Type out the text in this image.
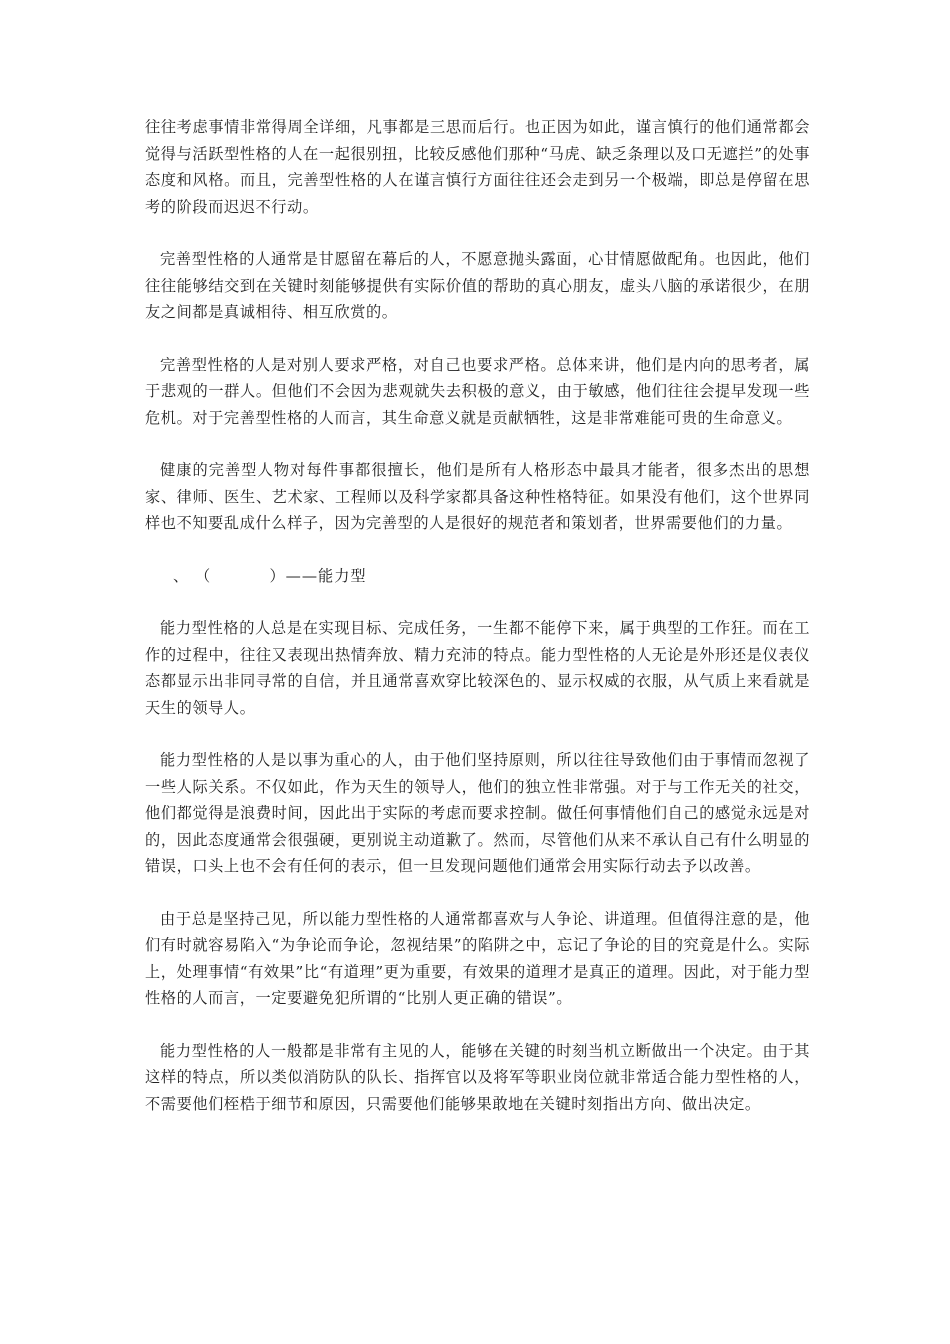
往往考虑事情非常得周全详细，凡事都是三思而后行。也正因为如此，谨言慎行的他们通常都会觉得与活跃型性格的人在一起很别扭，比较反感他们那种“马虎、缺乏条理以及口无遮拦”的处事态度和风格。而且，完善型性格的人在谨言慎行方面往往还会走到另一个极端，即总是停留在思考的阶段而迟迟不行动。

完善型性格的人通常是甘愿留在幕后的人，不愿意抛头露面，心甘情愿做配角。也因此，他们往往能够结交到在关键时刻能够提供有实际价值的帮助的真心朋友，虚头八脑的承诺很少，在朋友之间都是真诚相待、相互欣赏的。

完善型性格的人是对别人要求严格，对自己也要求严格。总体来讲，他们是内向的思考者，属于悲观的一群人。但他们不会因为悲观就失去积极的意义，由于敏感，他们往往会提早发现一些危机。对于完善型性格的人而言，其生命意义就是贡献牺牲，这是非常难能可贵的生命意义。

健康的完善型人物对每件事都很擅长，他们是所有人格形态中最具才能者，很多杰出的思想家、律师、医生、艺术家、工程师以及科学家都具备这种性格特征。如果没有他们，这个世界同样也不知要乱成什么样子，因为完善型的人是很好的规范者和策划者，世界需要他们的力量。

、 （          ）——能力型

能力型性格的人总是在实现目标、完成任务，一生都不能停下来，属于典型的工作狂。而在工作的过程中，往往又表现出热情奔放、精力充沛的特点。能力型性格的人无论是外形还是仪表仪态都显示出非同寻常的自信，并且通常喜欢穿比较深色的、显示权威的衣服，从气质上来看就是天生的领导人。

能力型性格的人是以事为重心的人，由于他们坚持原则，所以往往导致他们由于事情而忽视了一些人际关系。不仅如此，作为天生的领导人，他们的独立性非常强。对于与工作无关的社交，他们都觉得是浪费时间，因此出于实际的考虑而要求控制。做任何事情他们自己的感觉永远是对的，因此态度通常会很强硬，更别说主动道歉了。然而，尽管他们从来不承认自己有什么明显的错误，口头上也不会有任何的表示，但一旦发现问题他们通常会用实际行动去予以改善。

由于总是坚持己见，所以能力型性格的人通常都喜欢与人争论、讲道理。但值得注意的是，他们有时就容易陷入“为争论而争论，忽视结果”的陷阱之中，忘记了争论的目的究竟是什么。实际上，处理事情“有效果”比“有道理”更为重要，有效果的道理才是真正的道理。因此，对于能力型性格的人而言，一定要避免犯所谓的“比别人更正确的错误”。

能力型性格的人一般都是非常有主见的人，能够在关键的时刻当机立断做出一个决定。由于其这样的特点，所以类似消防队的队长、指挥官以及将军等职业岗位就非常适合能力型性格的人，不需要他们桎梏于细节和原因，只需要他们能够果敢地在关键时刻指出方向、做出决定。
